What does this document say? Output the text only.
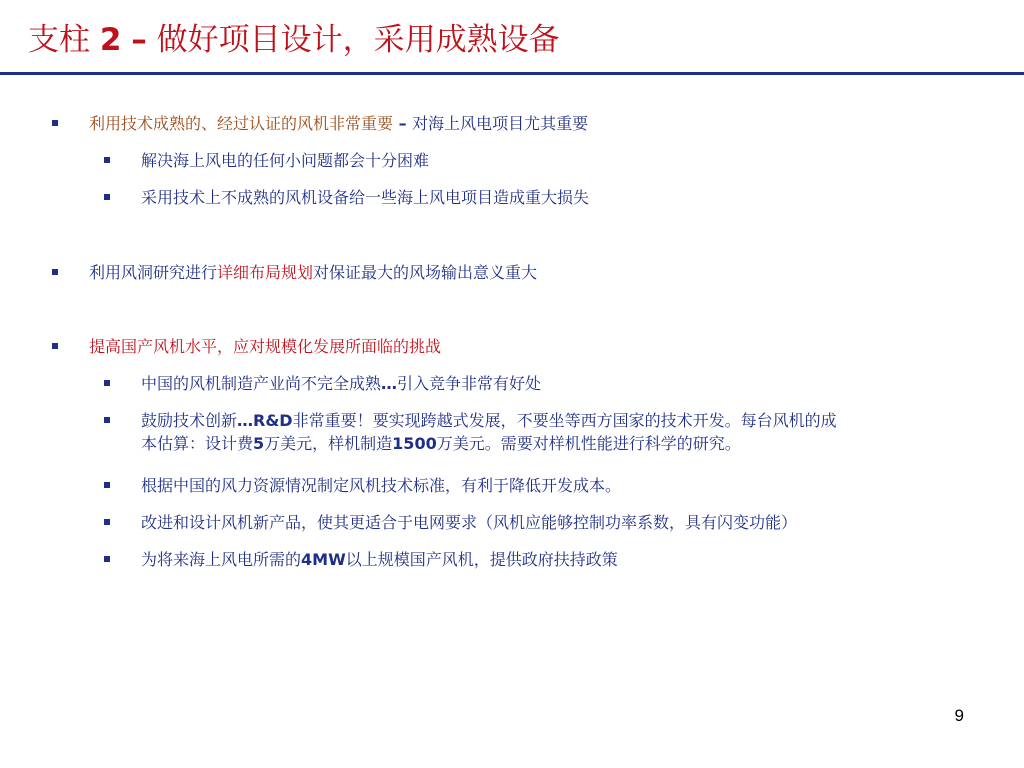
支柱 2 – 做好项目设计，采用成熟设备
利用技术成熟的、经过认证的风机非常重要 – 对海上风电项目尤其重要
解决海上风电的任何小问题都会十分困难
采用技术上不成熟的风机设备给一些海上风电项目造成重大损失
利用风洞研究进行详细布局规划对保证最大的风场输出意义重大
提高国产风机水平，应对规模化发展所面临的挑战
中国的风机制造产业尚不完全成熟…引入竞争非常有好处
鼓励技术创新…R&D非常重要！要实现跨越式发展，不要坐等西方国家的技术开发。每台风机的成
本估算：设计费5万美元，样机制造1500万美元。需要对样机性能进行科学的研究。
根据中国的风力资源情况制定风机技术标准，有利于降低开发成本。
改进和设计风机新产品，使其更适合于电网要求（风机应能够控制功率系数，具有闪变功能）
为将来海上风电所需的4MW以上规模国产风机，提供政府扶持政策
9
